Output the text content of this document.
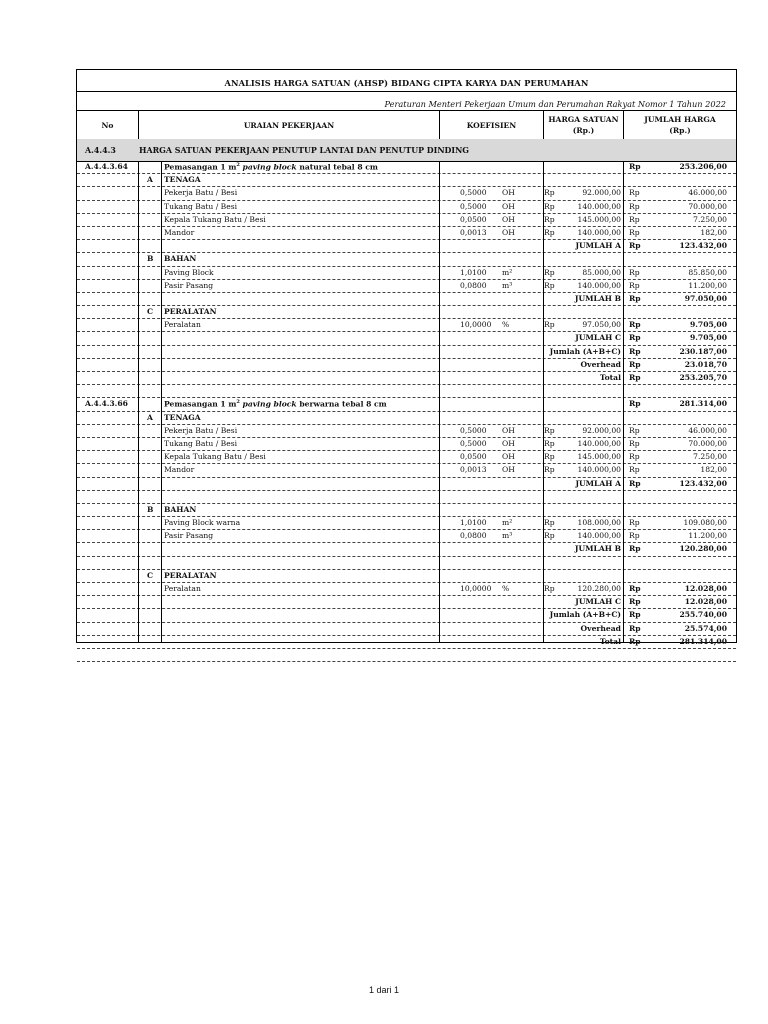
ANALISIS HARGA SATUAN (AHSP) BIDANG CIPTA KARYA DAN PERUMAHAN
Peraturan Menteri Pekerjaan Umum dan Perumahan Rakyat Nomor 1 Tahun 2022
No	URAIAN PEKERJAAN	KOEFISIEN
HARGA SATUAN
(Rp.)
JUMLAH HARGA
(Rp.)
A.4.4.3	HARGA SATUAN PEKERJAAN PENUTUP LANTAI DAN PENUTUP DINDING
A.4.4.3.64	Pemasangan 1 $m^2$ paving block natural tebal 8 cm	Rp	253.206,00
A TENAGA
Pekerja Batu / Besi	0,5000 OH	Rp	92.000,00 Rp	46.000,00
Tukang Batu / Besi	0,5000 OH	Rp	140.000,00 Rp	70.000,00
Kepala Tukang Batu / Besi	0,0500 OH	Rp	145.000,00 Rp	7.250,00
Mandor	0,0013 OH	Rp	140.000,00 Rp	182,00
JUMLAH A Rp	123.432,00
B BAHAN
Paving Block	1,0100 m²	Rp	85.000,00 Rp	85.850,00
Pasir Pasang	0,0800 m³	Rp	140.000,00 Rp	11.200,00
JUMLAH B Rp	97.050,00
C PERALATAN
Peralatan	10,0000 %	Rp	97.050,00 Rp	9.705,00
JUMLAH C Rp	9.705,00
Jumlah (A+B+C) Rp	230.187,00
Overhead Rp	23.018,70
Total Rp	253.205,70
A.4.4.3.66	Pemasangan 1 $m^2$ paving block berwarna tebal 8 cm	Rp	281.314,00
A TENAGA
Pekerja Batu / Besi	0,5000 OH	Rp	92.000,00 Rp	46.000,00
Tukang Batu / Besi	0,5000 OH	Rp	140.000,00 Rp	70.000,00
Kepala Tukang Batu / Besi	0,0500 OH	Rp	145.000,00 Rp	7.250,00
Mandor	0,0013 OH	Rp	140.000,00 Rp	182,00
JUMLAH A Rp	123.432,00
B BAHAN
Paving Block warna	1,0100 m²	Rp	108.000,00 Rp	109.080,00
Pasir Pasang	0,0800 m³	Rp	140.000,00 Rp	11.200,00
JUMLAH B Rp	120.280,00
C PERALATAN
Peralatan	10,0000 %	Rp	120.280,00 Rp	12.028,00
JUMLAH C Rp	12.028,00
Jumlah (A+B+C) Rp	255.740,00
Overhead Rp	25.574,00
Total Rp	281.314,00
1 dari 1
